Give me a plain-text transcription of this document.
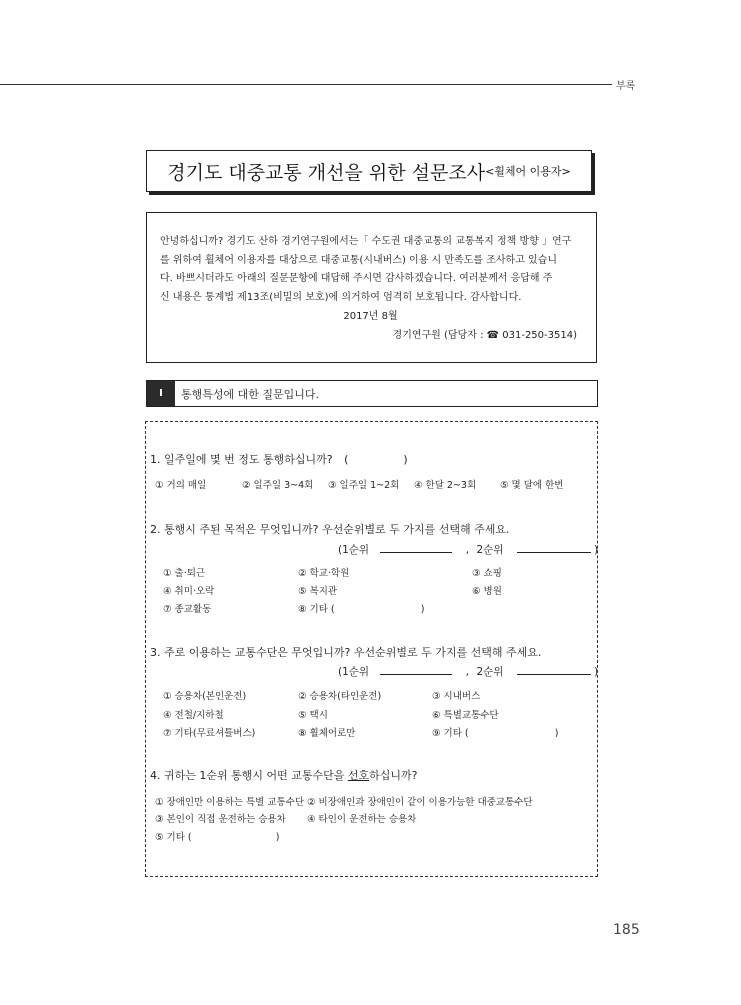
부록
경기도 대중교통 개선을 위한 설문조사 <휠체어 이용자>
안녕하십니까? 경기도 산하 경기연구원에서는「 수도권 대중교통의 교통복지 정책 방향 」연구
를 위하여 휠체어 이용자를 대상으로 대중교통(시내버스) 이용 시 만족도를 조사하고 있습니
다. 바쁘시더라도 아래의 질문문항에 대답해 주시면 감사하겠습니다. 여러분께서 응답해 주
신 내용은 통계법 제13조(비밀의 보호)에 의거하여 엄격히 보호됩니다. 감사합니다.
2017년 8월
경기연구원 (담당자 : ☎ 031-250-3514)
Ⅰ	통행특성에 대한 질문입니다.
1. 일주일에 몇 번 정도 통행하십니까? (	)
① 거의 매일	② 일주일 3~4회 ③ 일주일 1~2회 ④ 한달 2~3회	⑤ 몇 달에 한번
2. 통행시 주된 목적은 무엇입니까? 우선순위별로 두 가지를 선택해 주세요.
(1순위	, 2순위	)
① 출·퇴근	② 학교·학원	③ 쇼핑
④ 취미·오락	⑤ 복지관	⑥ 병원
⑦ 종교활동	⑧ 기타 (	)
3. 주로 이용하는 교통수단은 무엇입니까? 우선순위별로 두 가지를 선택해 주세요.
(1순위	, 2순위	)
① 승용차(본인운전)	② 승용차(타인운전)	③ 시내버스
④ 전철/지하철	⑤ 택시	⑥ 특별교통수단
⑦ 기타(무료셔틀버스)	⑧ 휠체어로만	⑨ 기타 (	)
4. 귀하는 1순위 통행시 어떤 교통수단을 선호하십니까?
① 장애인만 이용하는 특별 교통수단 ② 비장애인과 장애인이 같이 이용가능한 대중교통수단
③ 본인이 직접 운전하는 승용차 ④ 타인이 운전하는 승용차
⑤ 기타 (	)
185
